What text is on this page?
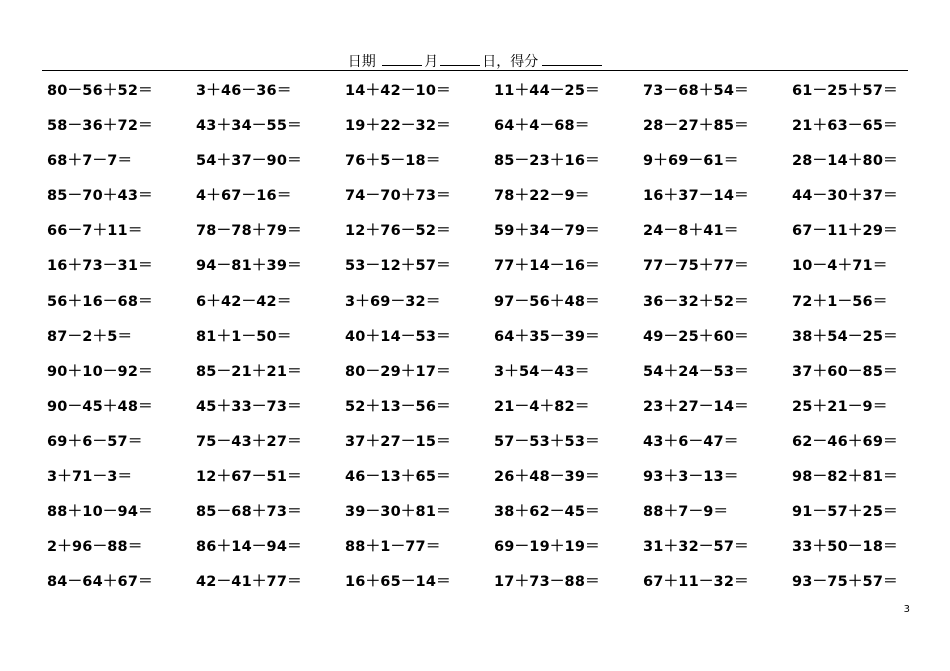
日期	月	日，得分
80－56＋52＝	3＋46－36＝	14＋42－10＝	11＋44－25＝	73－68＋54＝	61－25＋57＝
58－36＋72＝	43＋34－55＝	19＋22－32＝	64＋4－68＝	28－27＋85＝	21＋63－65＝
68＋7－7＝	54＋37－90＝	76＋5－18＝	85－23＋16＝	9＋69－61＝	28－14＋80＝
85－70＋43＝	4＋67－16＝	74－70＋73＝	78＋22－9＝	16＋37－14＝	44－30＋37＝
66－7＋11＝	78－78＋79＝	12＋76－52＝	59＋34－79＝	24－8＋41＝	67－11＋29＝
16＋73－31＝	94－81＋39＝	53－12＋57＝	77＋14－16＝	77－75＋77＝	10－4＋71＝
56＋16－68＝	6＋42－42＝	3＋69－32＝	97－56＋48＝	36－32＋52＝	72＋1－56＝
87－2＋5＝	81＋1－50＝	40＋14－53＝	64＋35－39＝	49－25＋60＝	38＋54－25＝
90＋10－92＝	85－21＋21＝	80－29＋17＝	3＋54－43＝	54＋24－53＝	37＋60－85＝
90－45＋48＝	45＋33－73＝	52＋13－56＝	21－4＋82＝	23＋27－14＝	25＋21－9＝
69＋6－57＝	75－43＋27＝	37＋27－15＝	57－53＋53＝	43＋6－47＝	62－46＋69＝
3＋71－3＝	12＋67－51＝	46－13＋65＝	26＋48－39＝	93＋3－13＝	98－82＋81＝
88＋10－94＝	85－68＋73＝	39－30＋81＝	38＋62－45＝	88＋7－9＝	91－57＋25＝
2＋96－88＝	86＋14－94＝	88＋1－77＝	69－19＋19＝	31＋32－57＝	33＋50－18＝
84－64＋67＝	42－41＋77＝	16＋65－14＝	17＋73－88＝	67＋11－32＝	93－75＋57＝
3
